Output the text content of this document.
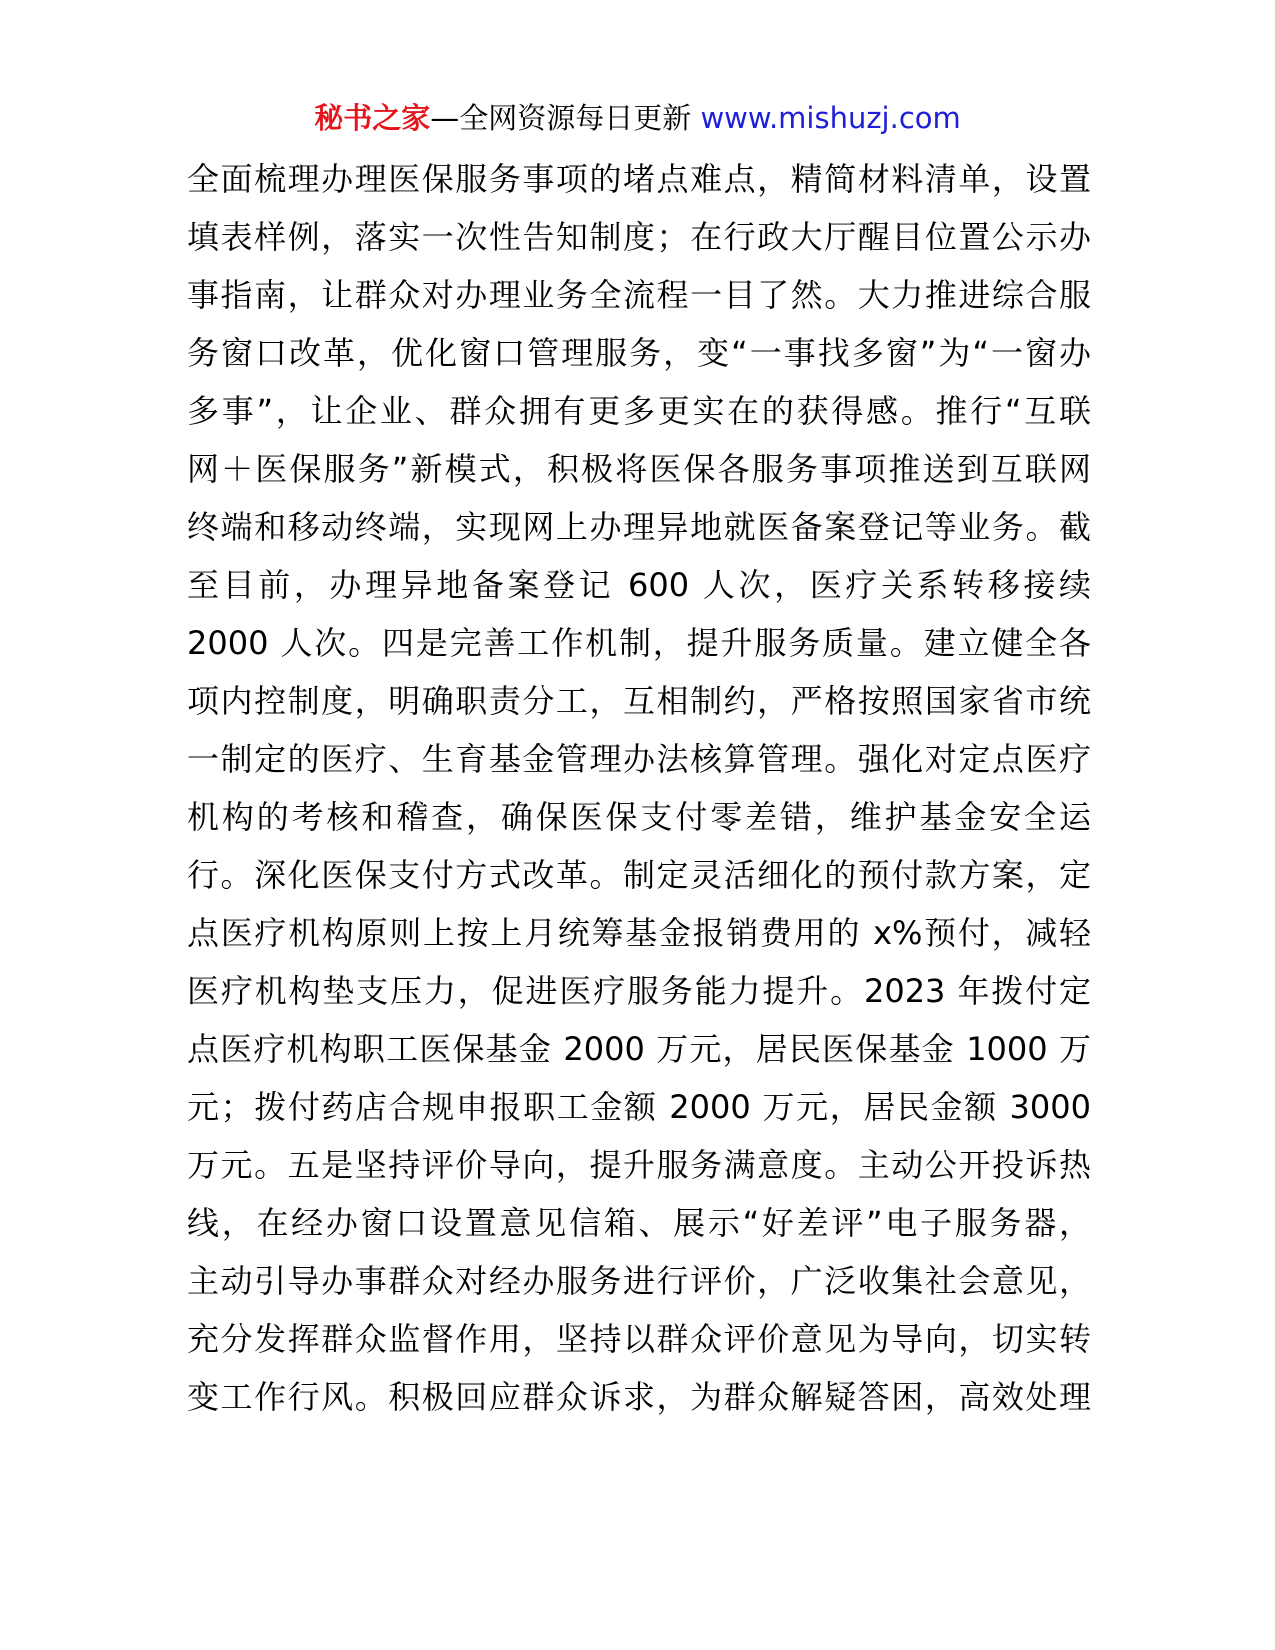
秘书之家—全网资源每日更新 www.mishuzj.com
全面梳理办理医保服务事项的堵点难点，精简材料清单，设置
填表样例，落实一次性告知制度；在行政大厅醒目位置公示办
事指南，让群众对办理业务全流程一目了然。大力推进综合服
务窗口改革，优化窗口管理服务，变“一事找多窗”为“一窗办
多事”，让企业、群众拥有更多更实在的获得感。推行“互联
网＋医保服务”新模式，积极将医保各服务事项推送到互联网
终端和移动终端，实现网上办理异地就医备案登记等业务。截
至目前，办理异地备案登记 600 人次，医疗关系转移接续
2000 人次。四是完善工作机制，提升服务质量。建立健全各
项内控制度，明确职责分工，互相制约，严格按照国家省市统
一制定的医疗、生育基金管理办法核算管理。强化对定点医疗
机构的考核和稽查，确保医保支付零差错，维护基金安全运
行。深化医保支付方式改革。制定灵活细化的预付款方案，定
点医疗机构原则上按上月统筹基金报销费用的 x%预付，减轻
医疗机构垫支压力，促进医疗服务能力提升。2023 年拨付定
点医疗机构职工医保基金 2000 万元，居民医保基金 1000 万
元；拨付药店合规申报职工金额 2000 万元，居民金额 3000
万元。五是坚持评价导向，提升服务满意度。主动公开投诉热
线，在经办窗口设置意见信箱、展示“好差评”电子服务器，
主动引导办事群众对经办服务进行评价，广泛收集社会意见，
充分发挥群众监督作用，坚持以群众评价意见为导向，切实转
变工作行风。积极回应群众诉求，为群众解疑答困，高效处理
